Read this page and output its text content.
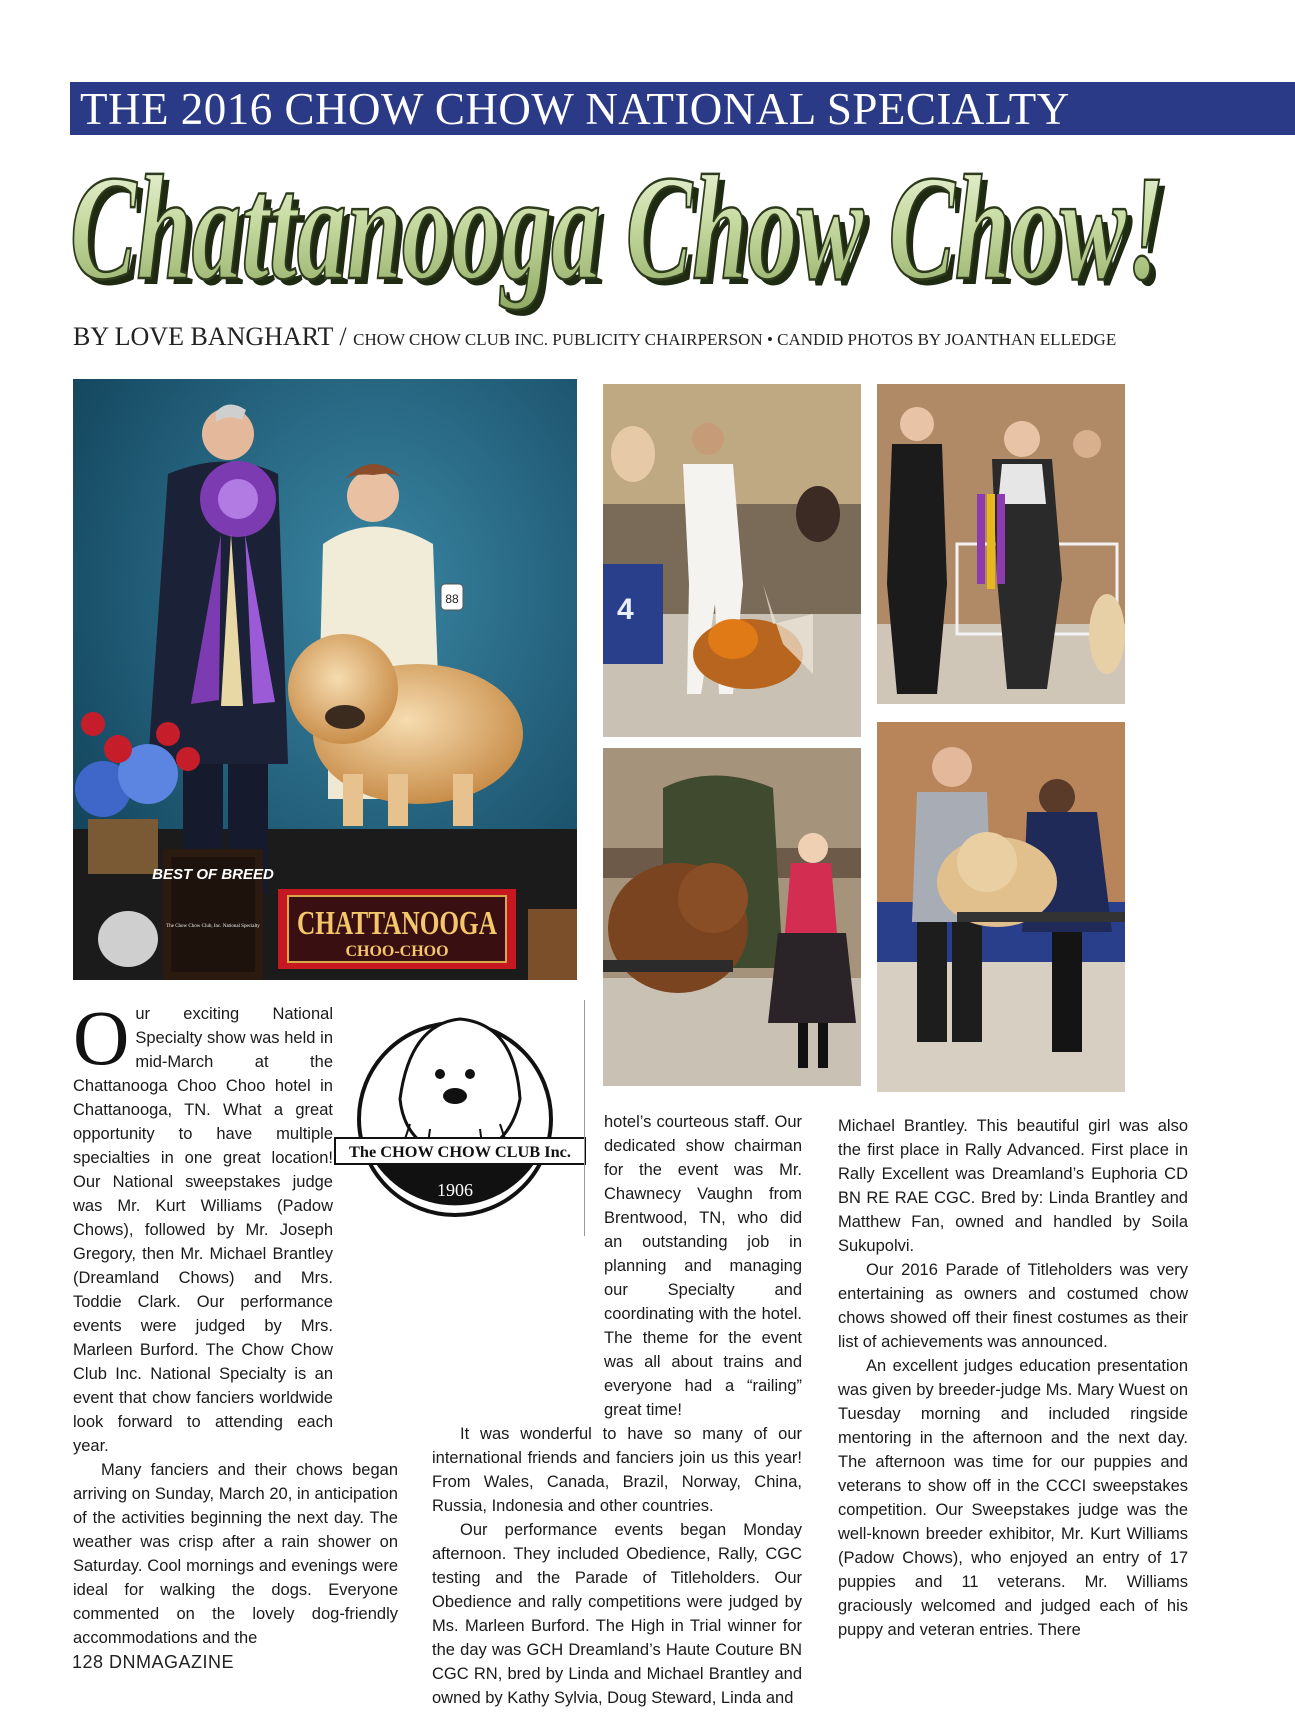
THE 2016 CHOW CHOW NATIONAL SPECIALTY
Chattanooga Chow Chow!
Chattanooga Chow Chow!
BY LOVE BANGHART / CHOW CHOW CLUB INC. PUBLICITY CHAIRPERSON • CANDID PHOTOS BY JOANTHAN ELLEDGE
88
BEST OF BREED
The Chow Chow Club, Inc. National Specialty CHATTANOOGA
CHOO-CHOO
4
The CHOW CHOW CLUB Inc.
1906

O ur exciting National Specialty show was held in mid-March at the Chattanooga Choo Choo hotel in Chattanooga, TN. What a great opportunity to have multiple specialties in one great location! Our National sweepstakes judge was Mr. Kurt Williams (Padow Chows), followed by Mr. Joseph Gregory, then Mr. Michael Brantley (Dreamland Chows) and Mrs. Toddie Clark. Our performance events were judged by Mrs. Marleen Burford. The Chow Chow Club Inc. National Specialty is an event that chow fanciers worldwide look forward to attending each year.

Many fanciers and their chows began arriving on Sunday, March 20, in anticipation of the activities beginning the next day. The weather was crisp after a rain shower on Saturday. Cool mornings and evenings were ideal for walking the dogs. Everyone commented on the lovely dog-friendly accommodations and the

hotel’s courteous staff. Our dedicated show chairman for the event was Mr. Chawnecy Vaughn from Brentwood, TN, who did an outstanding job in planning and managing our Specialty and coordinating with the hotel. The theme for the event was all about trains and everyone had a “railing” great time!

It was wonderful to have so many of our international friends and fanciers join us this year! From Wales, Canada, Brazil, Norway, China, Russia, Indonesia and other countries.

Our performance events began Monday afternoon. They included Obedience, Rally, CGC testing and the Parade of Titleholders. Our Obedience and rally competitions were judged by Ms. Marleen Burford. The High in Trial winner for the day was GCH Dreamland’s Haute Couture BN CGC RN, bred by Linda and Michael Brantley and owned by Kathy Sylvia, Doug Steward, Linda and

Michael Brantley. This beautiful girl was also the first place in Rally Advanced. First place in Rally Excellent was Dreamland’s Euphoria CD BN RE RAE CGC. Bred by: Linda Brantley and Matthew Fan, owned and handled by Soila Sukupolvi.

Our 2016 Parade of Titleholders was very entertaining as owners and costumed chow chows showed off their finest costumes as their list of achievements was announced.

An excellent judges education presentation was given by breeder-judge Ms. Mary Wuest on Tuesday morning and included ringside mentoring in the afternoon and the next day. The afternoon was time for our puppies and veterans to show off in the CCCI sweepstakes competition. Our Sweepstakes judge was the well-known breeder exhibitor, Mr. Kurt Williams (Padow Chows), who enjoyed an entry of 17 puppies and 11 veterans. Mr. Williams graciously welcomed and judged each of his puppy and veteran entries. There

128 DNMAGAZINE
